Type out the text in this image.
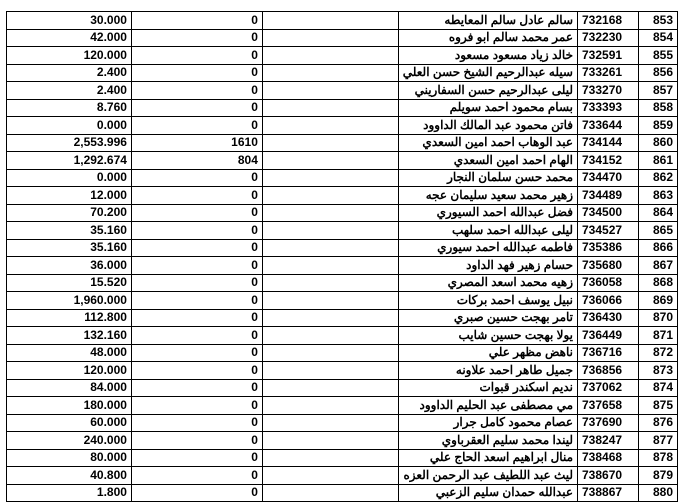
30.000	0		سالم عادل سالم المعايطه	732168	853
42.000	0		عمر محمد سالم ابو فروه	732230	854
120.000	0		خالد زياد مسعود مسعود	732591	855
2.400	0		سيله عبدالرحيم الشيخ حسن العلي	733261	856
2.400	0		ليلى عبدالرحيم حسن السفاريني	733270	857
8.760	0		بسام محمود احمد سويلم	733393	858
0.000	0		فاتن محمود عبد المالك الداوود	733644	859
2,553.996	1610		عبد الوهاب احمد امين السعدي	734144	860
1,292.674	804		الهام احمد امين السعدي	734152	861
0.000	0		محمد حسن سلمان النجار	734470	862
12.000	0		زهير محمد سعيد سليمان عجه	734489	863
70.200	0		فضل عبدالله احمد السيوري	734500	864
35.160	0		ليلى عبدالله احمد سلهب	734527	865
35.160	0		فاطمه عبدالله احمد سيوري	735386	866
36.000	0		حسام زهير فهد الداود	735680	867
15.520	0		زهيه محمد اسعد المصري	736058	868
1,960.000	0		نبيل يوسف احمد بركات	736066	869
112.800	0		تامر بهجت حسين صبري	736430	870
132.160	0		يولا بهجت حسين شايب	736449	871
48.000	0		ناهض مظهر علي	736716	872
120.000	0		جميل طاهر احمد علاونه	736856	873
84.000	0		نديم اسكندر قبوات	737062	874
180.000	0		مي مصطفى عبد الحليم الداوود	737658	875
60.000	0		عصام محمود كامل جرار	737690	876
240.000	0		ليندا محمد سليم العقرباوي	738247	877
80.000	0		منال ابراهيم اسعد الحاج علي	738468	878
40.800	0		ليث عبد اللطيف عبد الرحمن العزه	738670	879
1.800	0		عبدالله حمدان سليم الزعبي	738867	880
